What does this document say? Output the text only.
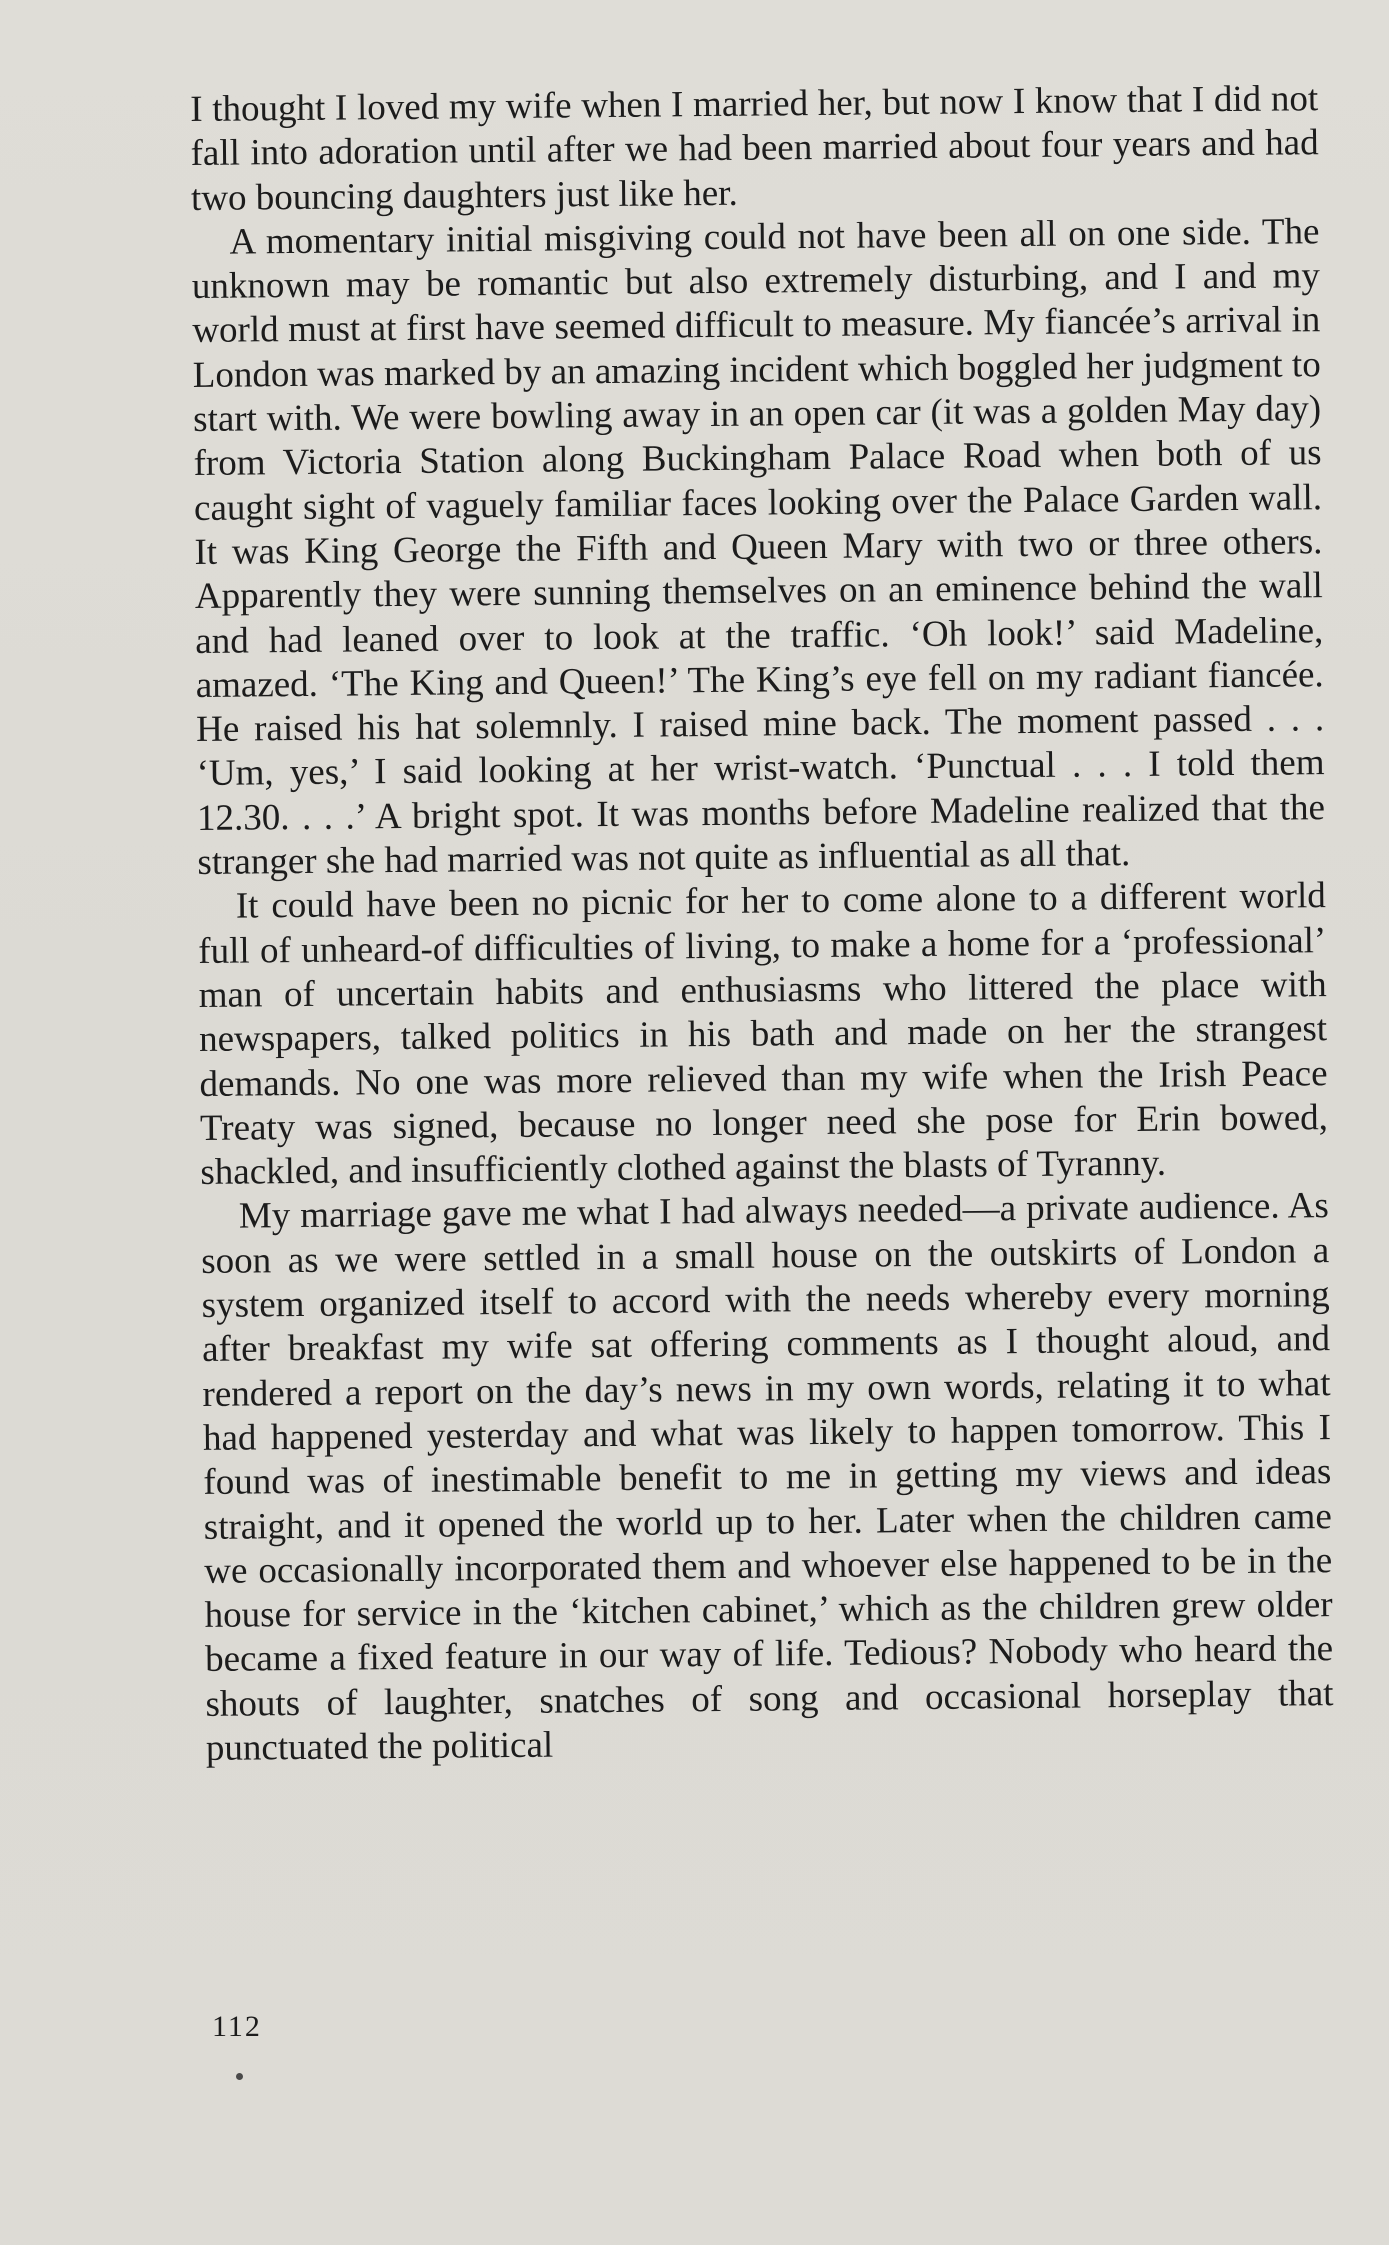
I thought I loved my wife when I married her, but now I know that I did not fall into adoration until after we had been married about four years and had two bouncing daughters just like her.

A momentary initial misgiving could not have been all on one side. The unknown may be romantic but also extremely disturbing, and I and my world must at first have seemed difficult to measure. My fiancée’s arrival in London was marked by an amazing incident which boggled her judgment to start with. We were bowling away in an open car (it was a golden May day) from Victoria Station along Buckingham Palace Road when both of us caught sight of vaguely familiar faces looking over the Palace Garden wall. It was King George the Fifth and Queen Mary with two or three others. Apparently they were sunning themselves on an eminence behind the wall and had leaned over to look at the traffic. ‘Oh look!’ said Madeline, amazed. ‘The King and Queen!’ The King’s eye fell on my radiant fiancée. He raised his hat solemnly. I raised mine back. The moment passed . . . ‘Um, yes,’ I said looking at her wrist-watch. ‘Punctual . . . I told them 12.30. . . .’ A bright spot. It was months before Madeline realized that the stranger she had married was not quite as influential as all that.

It could have been no picnic for her to come alone to a different world full of unheard-of difficulties of living, to make a home for a ‘professional’ man of uncertain habits and enthusiasms who littered the place with newspapers, talked politics in his bath and made on her the strangest demands. No one was more relieved than my wife when the Irish Peace Treaty was signed, because no longer need she pose for Erin bowed, shackled, and insufficiently clothed against the blasts of Tyranny.

My marriage gave me what I had always needed—a private audience. As soon as we were settled in a small house on the outskirts of London a system organized itself to accord with the needs whereby every morning after breakfast my wife sat offering comments as I thought aloud, and rendered a report on the day’s news in my own words, relating it to what had happened yesterday and what was likely to happen tomorrow. This I found was of inestimable benefit to me in getting my views and ideas straight, and it opened the world up to her. Later when the children came we occasionally incorporated them and whoever else happened to be in the house for service in the ‘kitchen cabinet,’ which as the children grew older became a fixed feature in our way of life. Tedious? Nobody who heard the shouts of laughter, snatches of song and occasional horseplay that punctuated the political

112
